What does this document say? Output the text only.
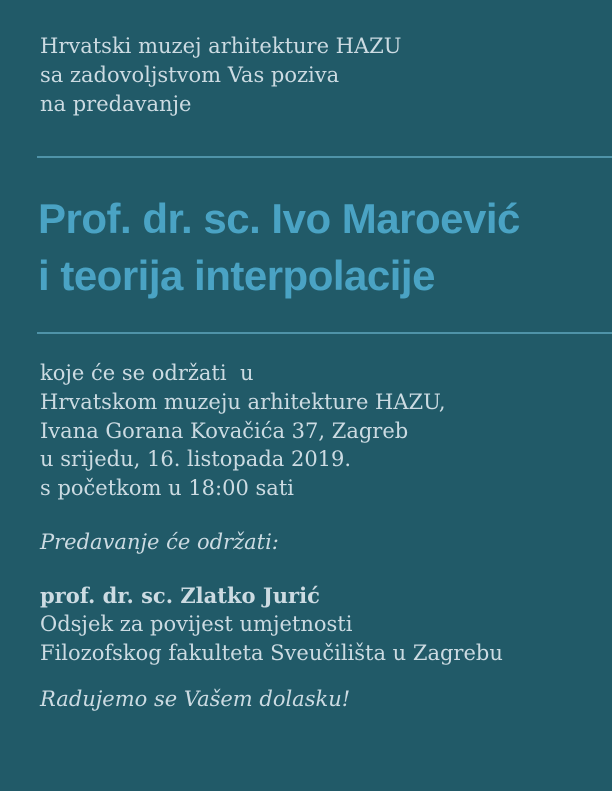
Hrvatski muzej arhitekture HAZU
sa zadovoljstvom Vas poziva
na predavanje
Prof. dr. sc. Ivo Maroević
i teorija interpolacije
koje će se održati  u
Hrvatskom muzeju arhitekture HAZU,
Ivana Gorana Kovačića 37, Zagreb
u srijedu, 16. listopada 2019.
s početkom u 18:00 sati
Predavanje će održati:
prof. dr. sc. Zlatko Jurić
Odsjek za povijest umjetnosti
Filozofskog fakulteta Sveučilišta u Zagrebu
Radujemo se Vašem dolasku!
